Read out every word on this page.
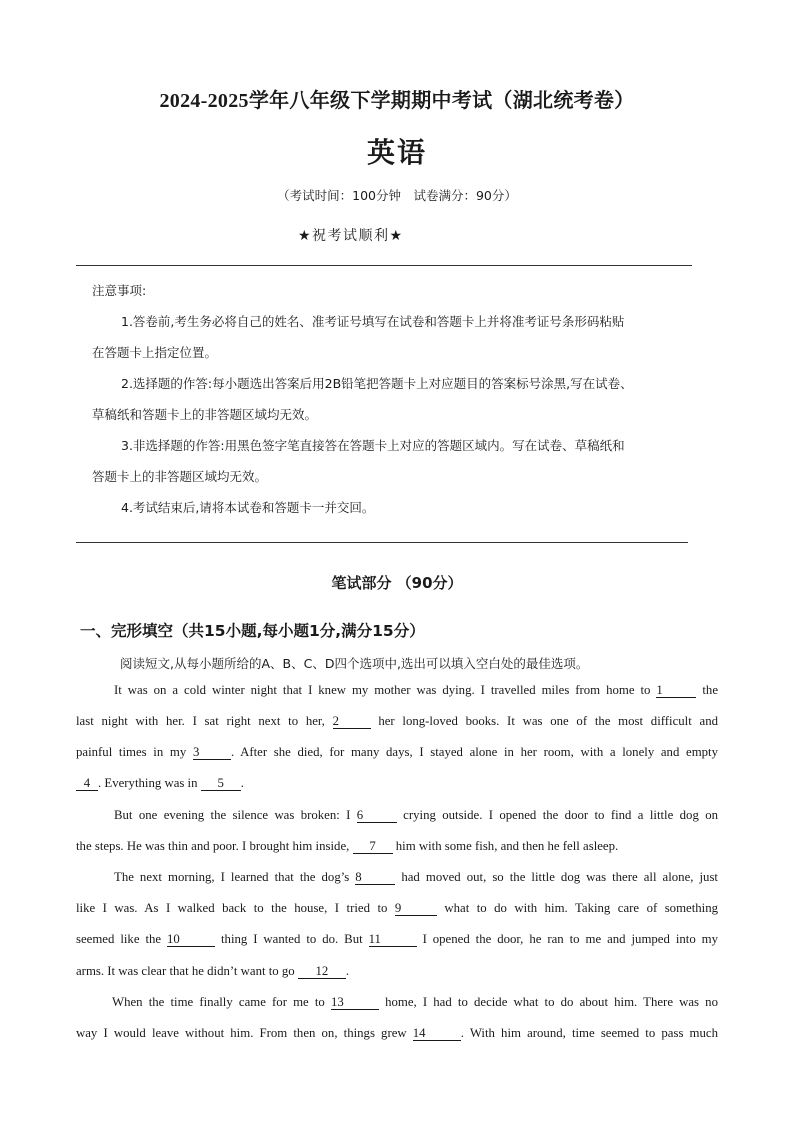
2024-2025学年八年级下学期期中考试（湖北统考卷）
英语
（考试时间：100分钟　试卷满分：90分）
★祝考试顺利★
注意事项:
1.答卷前,考生务必将自己的姓名、准考证号填写在试卷和答题卡上并将准考证号条形码粘贴
在答题卡上指定位置。
2.选择题的作答:每小题选出答案后用2B铅笔把答题卡上对应题目的答案标号涂黑,写在试卷、
草稿纸和答题卡上的非答题区域均无效。
3.非选择题的作答:用黑色签字笔直接答在答题卡上对应的答题区域内。写在试卷、草稿纸和
答题卡上的非答题区域均无效。
4.考试结束后,请将本试卷和答题卡一并交回。
笔试部分 （90分）
一、完形填空（共15小题,每小题1分,满分15分）
阅读短文,从每小题所给的A、B、C、D四个选项中,选出可以填入空白处的最佳选项。
It was on a cold winter night that I knew my mother was dying. I travelled miles from home to 1	the
last night with her. I sat right next to her, 2	her long-loved books. It was one of the most difficult and
painful times in my 3 . After she died, for many days, I stayed alone in her room, with a lonely and empty
4 . Everything was in 5 .
But one evening the silence was broken: I 6	crying outside. I opened the door to find a little dog on
the steps. He was thin and poor. I brought him inside, 7 him with some fish, and then he fell asleep.
The next morning, I learned that the dog’s 8	had moved out, so the little dog was there all alone, just
like I was. As I walked back to the house, I tried to 9	what to do with him. Taking care of something
seemed like the 10	thing I wanted to do. But 11	I opened the door, he ran to me and jumped into my
arms. It was clear that he didn’t want to go 12 .
When the time finally came for me to 13	home, I had to decide what to do about him. There was no
way I would leave without him. From then on, things grew 14	. With him around, time seemed to pass much
